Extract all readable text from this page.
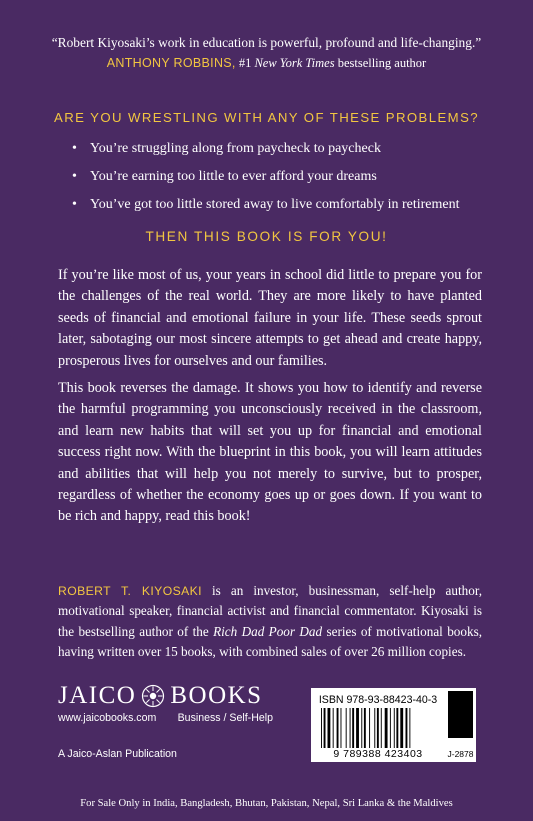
“Robert Kiyosaki’s work in education is powerful, profound and life-changing.”
ANTHONY ROBBINS, #1 New York Times bestselling author
ARE YOU WRESTLING WITH ANY OF THESE PROBLEMS?
• You’re struggling along from paycheck to paycheck
• You’re earning too little to ever afford your dreams
• You’ve got too little stored away to live comfortably in retirement
THEN THIS BOOK IS FOR YOU!
If you’re like most of us, your years in school did little to prepare you for the challenges of the real world. They are more likely to have planted seeds of financial and emotional failure in your life. These seeds sprout later, sabotaging our most sincere attempts to get ahead and create happy, prosperous lives for ourselves and our families.
This book reverses the damage. It shows you how to identify and reverse the harmful programming you unconsciously received in the classroom, and learn new habits that will set you up for financial and emotional success right now. With the blueprint in this book, you will learn attitudes and abilities that will help you not merely to survive, but to prosper, regardless of whether the economy goes up or goes down. If you want to be rich and happy, read this book!
ROBERT T. KIYOSAKI is an investor, businessman, self-help author, motivational speaker, financial activist and financial commentator. Kiyosaki is the bestselling author of the Rich Dad Poor Dad series of motivational books, having written over 15 books, with combined sales of over 26 million copies.
JAICO BOOKS
www.jaicobooks.com Business / Self-Help
A Jaico-Aslan Publication
ISBN 978-93-88423-40-3
9 789388 423403	J-2878
For Sale Only in India, Bangladesh, Bhutan, Pakistan, Nepal, Sri Lanka & the Maldives
